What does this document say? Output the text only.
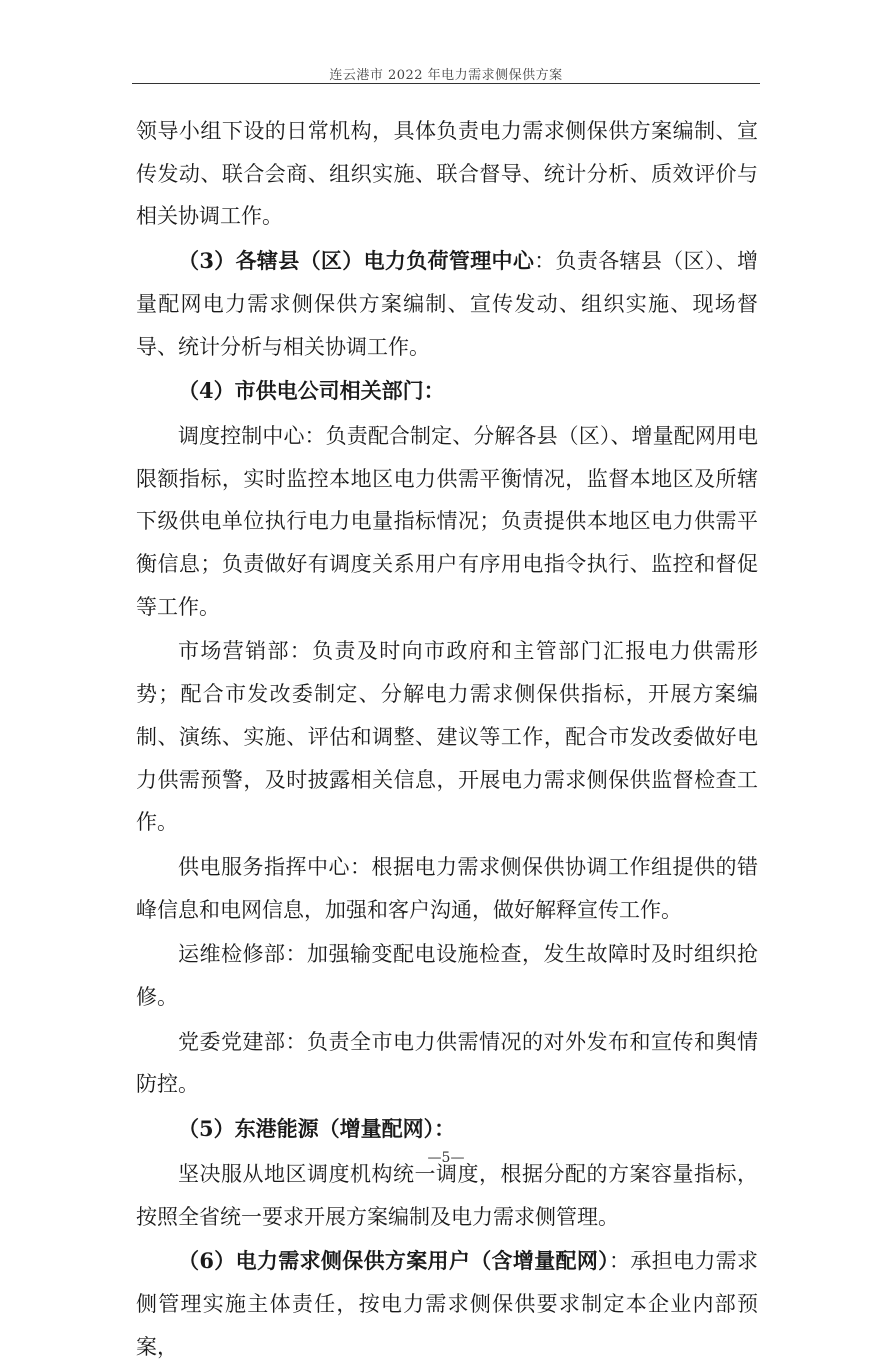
连云港市 2022 年电力需求侧保供方案

领导小组下设的日常机构，具体负责电力需求侧保供方案编制、宣传发动、联合会商、组织实施、联合督导、统计分析、质效评价与相关协调工作。

（3）各辖县（区）电力负荷管理中心：负责各辖县（区）、增量配网电力需求侧保供方案编制、宣传发动、组织实施、现场督导、统计分析与相关协调工作。

（4）市供电公司相关部门：

调度控制中心：负责配合制定、分解各县（区）、增量配网用电限额指标，实时监控本地区电力供需平衡情况，监督本地区及所辖下级供电单位执行电力电量指标情况；负责提供本地区电力供需平衡信息；负责做好有调度关系用户有序用电指令执行、监控和督促等工作。

市场营销部：负责及时向市政府和主管部门汇报电力供需形势；配合市发改委制定、分解电力需求侧保供指标，开展方案编制、演练、实施、评估和调整、建议等工作，配合市发改委做好电力供需预警，及时披露相关信息，开展电力需求侧保供监督检查工作。

供电服务指挥中心：根据电力需求侧保供协调工作组提供的错峰信息和电网信息，加强和客户沟通，做好解释宣传工作。

运维检修部：加强输变配电设施检查，发生故障时及时组织抢修。

党委党建部：负责全市电力供需情况的对外发布和宣传和舆情防控。

（5）东港能源（增量配网）：

坚决服从地区调度机构统一调度，根据分配的方案容量指标，按照全省统一要求开展方案编制及电力需求侧管理。

（6）电力需求侧保供方案用户（含增量配网）：承担电力需求侧管理实施主体责任，按电力需求侧保供要求制定本企业内部预案，

—5—
